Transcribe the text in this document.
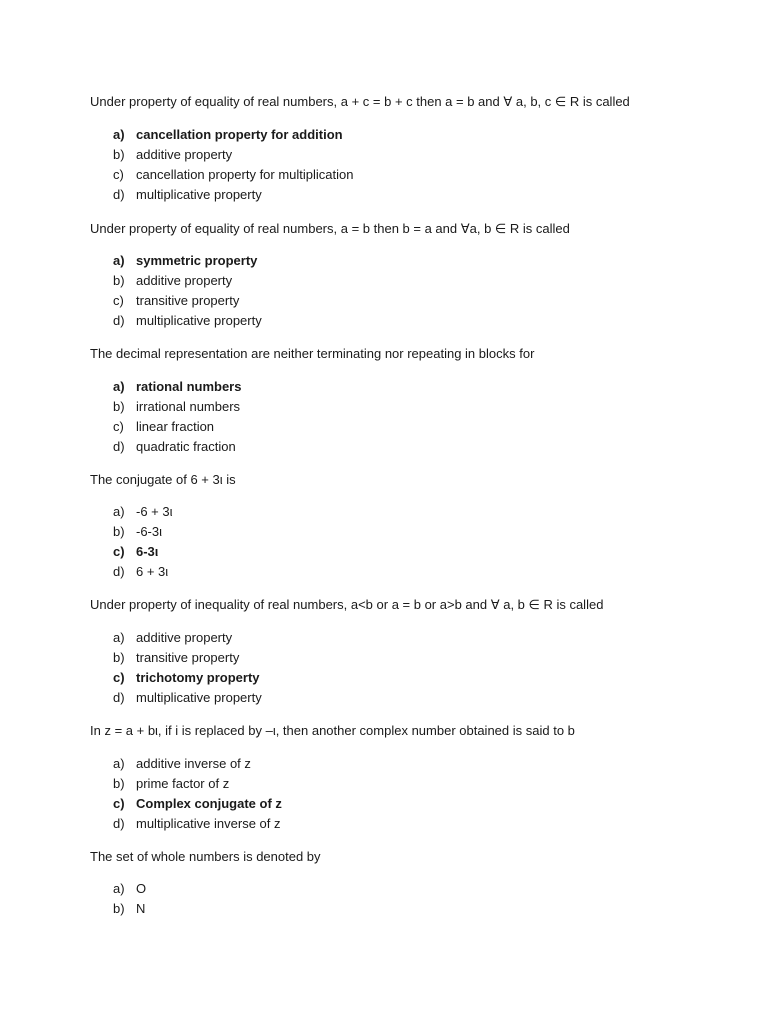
Under property of equality of real numbers, a + c = b + c then a = b and ∀ a, b, c ∈ R is called
a) cancellation property for addition
b) additive property
c) cancellation property for multiplication
d) multiplicative property
Under property of equality of real numbers, a = b then b = a and ∀a, b ∈ R is called
a) symmetric property
b) additive property
c) transitive property
d) multiplicative property
The decimal representation are neither terminating nor repeating in blocks for
a) rational numbers
b) irrational numbers
c) linear fraction
d) quadratic fraction
The conjugate of 6 + 3ι is
a) -6 + 3ι
b) -6-3ι
c) 6-3ι
d) 6 + 3ι
Under property of inequality of real numbers, a<b or a = b or a>b and ∀ a, b ∈ R is called
a) additive property
b) transitive property
c) trichotomy property
d) multiplicative property
In z = a + bι, if i is replaced by –ι, then another complex number obtained is said to b
a) additive inverse of z
b) prime factor of z
c) Complex conjugate of z
d) multiplicative inverse of z
The set of whole numbers is denoted by
a) O
b) N
